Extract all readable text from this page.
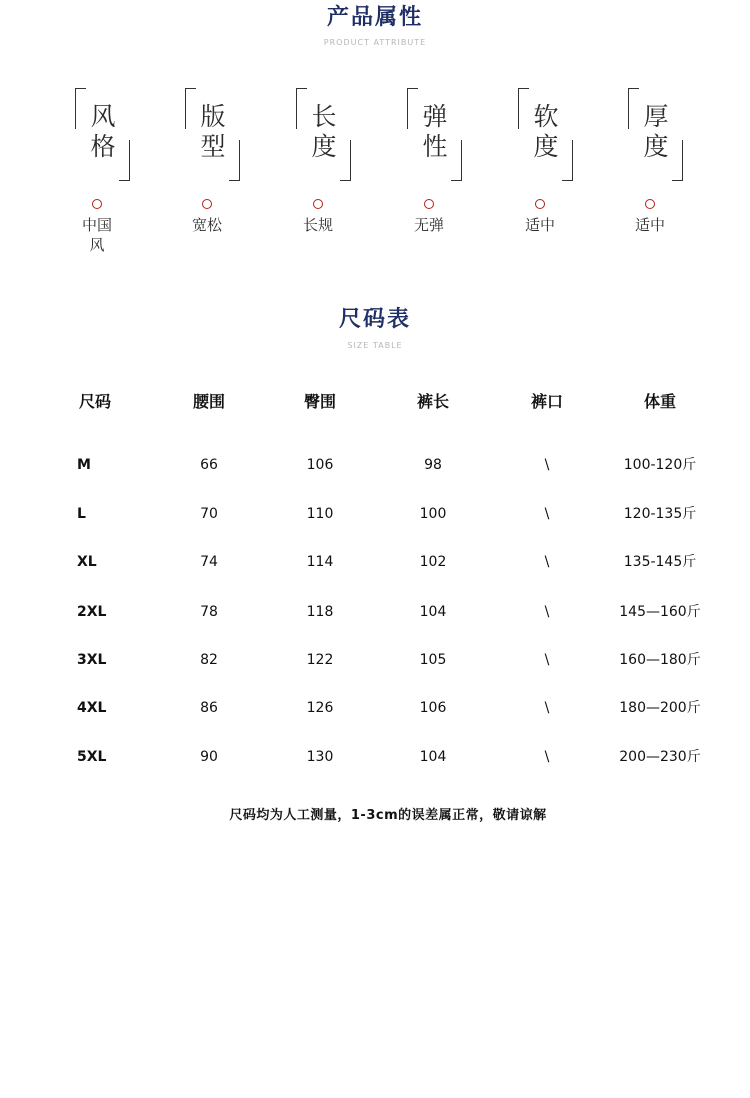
产品属性
PRODUCT ATTRIBUTE
风格
中国风
版型
宽松
长度
长规
弹性
无弹
软度
适中
厚度
适中
尺码表
SIZE TABLE
尺码	腰围	臀围	裤长	裤口	体重
M	66	106	98	\	100-120斤
L	70	110	100	\	120-135斤
XL	74	114	102	\	135-145斤
2XL	78	118	104	\	145—160斤
3XL	82	122	105	\	160—180斤
4XL	86	126	106	\	180—200斤
5XL	90	130	104	\	200—230斤
尺码均为人工测量，1-3cm的误差属正常，敬请谅解
